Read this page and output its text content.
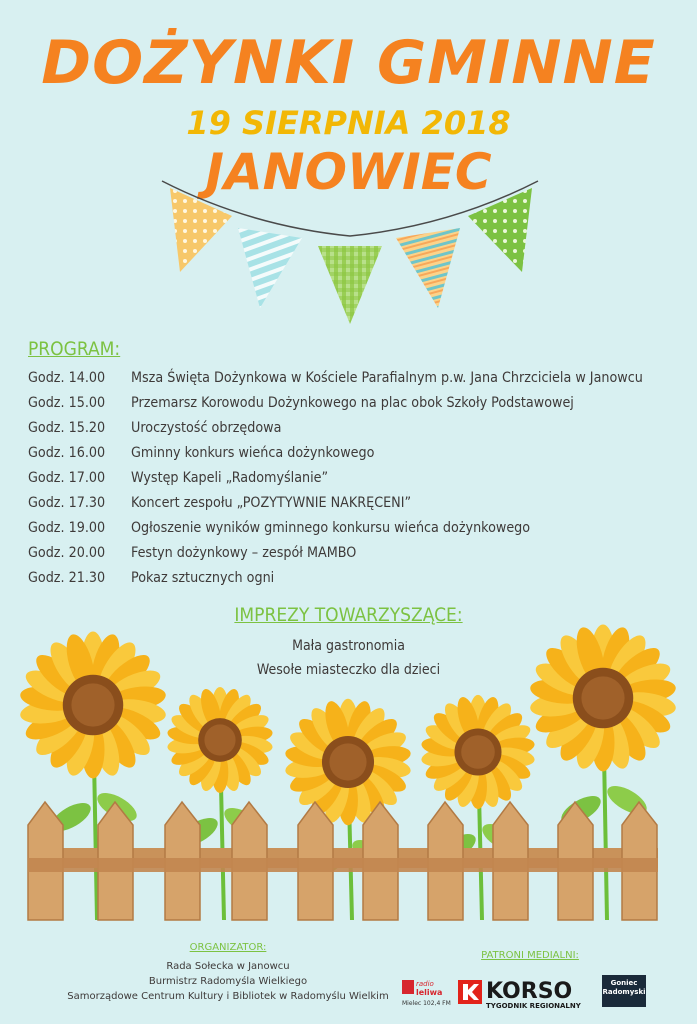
DOŻYNKI GMINNE
19 SIERPNIA 2018
JANOWIEC
PROGRAM:
Godz. 14.00 Msza Święta Dożynkowa w Kościele Parafialnym p.w. Jana Chrzciciela w Janowcu
Godz. 15.00 Przemarsz Korowodu Dożynkowego na plac obok Szkoły Podstawowej
Godz. 15.20 Uroczystość obrzędowa
Godz. 16.00 Gminny konkurs wieńca dożynkowego
Godz. 17.00 Występ Kapeli „Radomyślanie”
Godz. 17.30 Koncert zespołu „POZYTYWNIE NAKRĘCENI”
Godz. 19.00 Ogłoszenie wyników gminnego konkursu wieńca dożynkowego
Godz. 20.00 Festyn dożynkowy – zespół MAMBO
Godz. 21.30 Pokaz sztucznych ogni
IMPREZY TOWARZYSZĄCE:
Mała gastronomia
Wesołe miasteczko dla dzieci
ORGANIZATOR:
Rada Sołecka w Janowcu
Burmistrz Radomyśla Wielkiego
Samorządowe Centrum Kultury i Bibliotek w Radomyślu Wielkim
PATRONI MEDIALNI:
radio
leliwa
Mielec 102,4 FM KORSO
TYGODNIK REGIONALNY
Goniec
Radomyski
